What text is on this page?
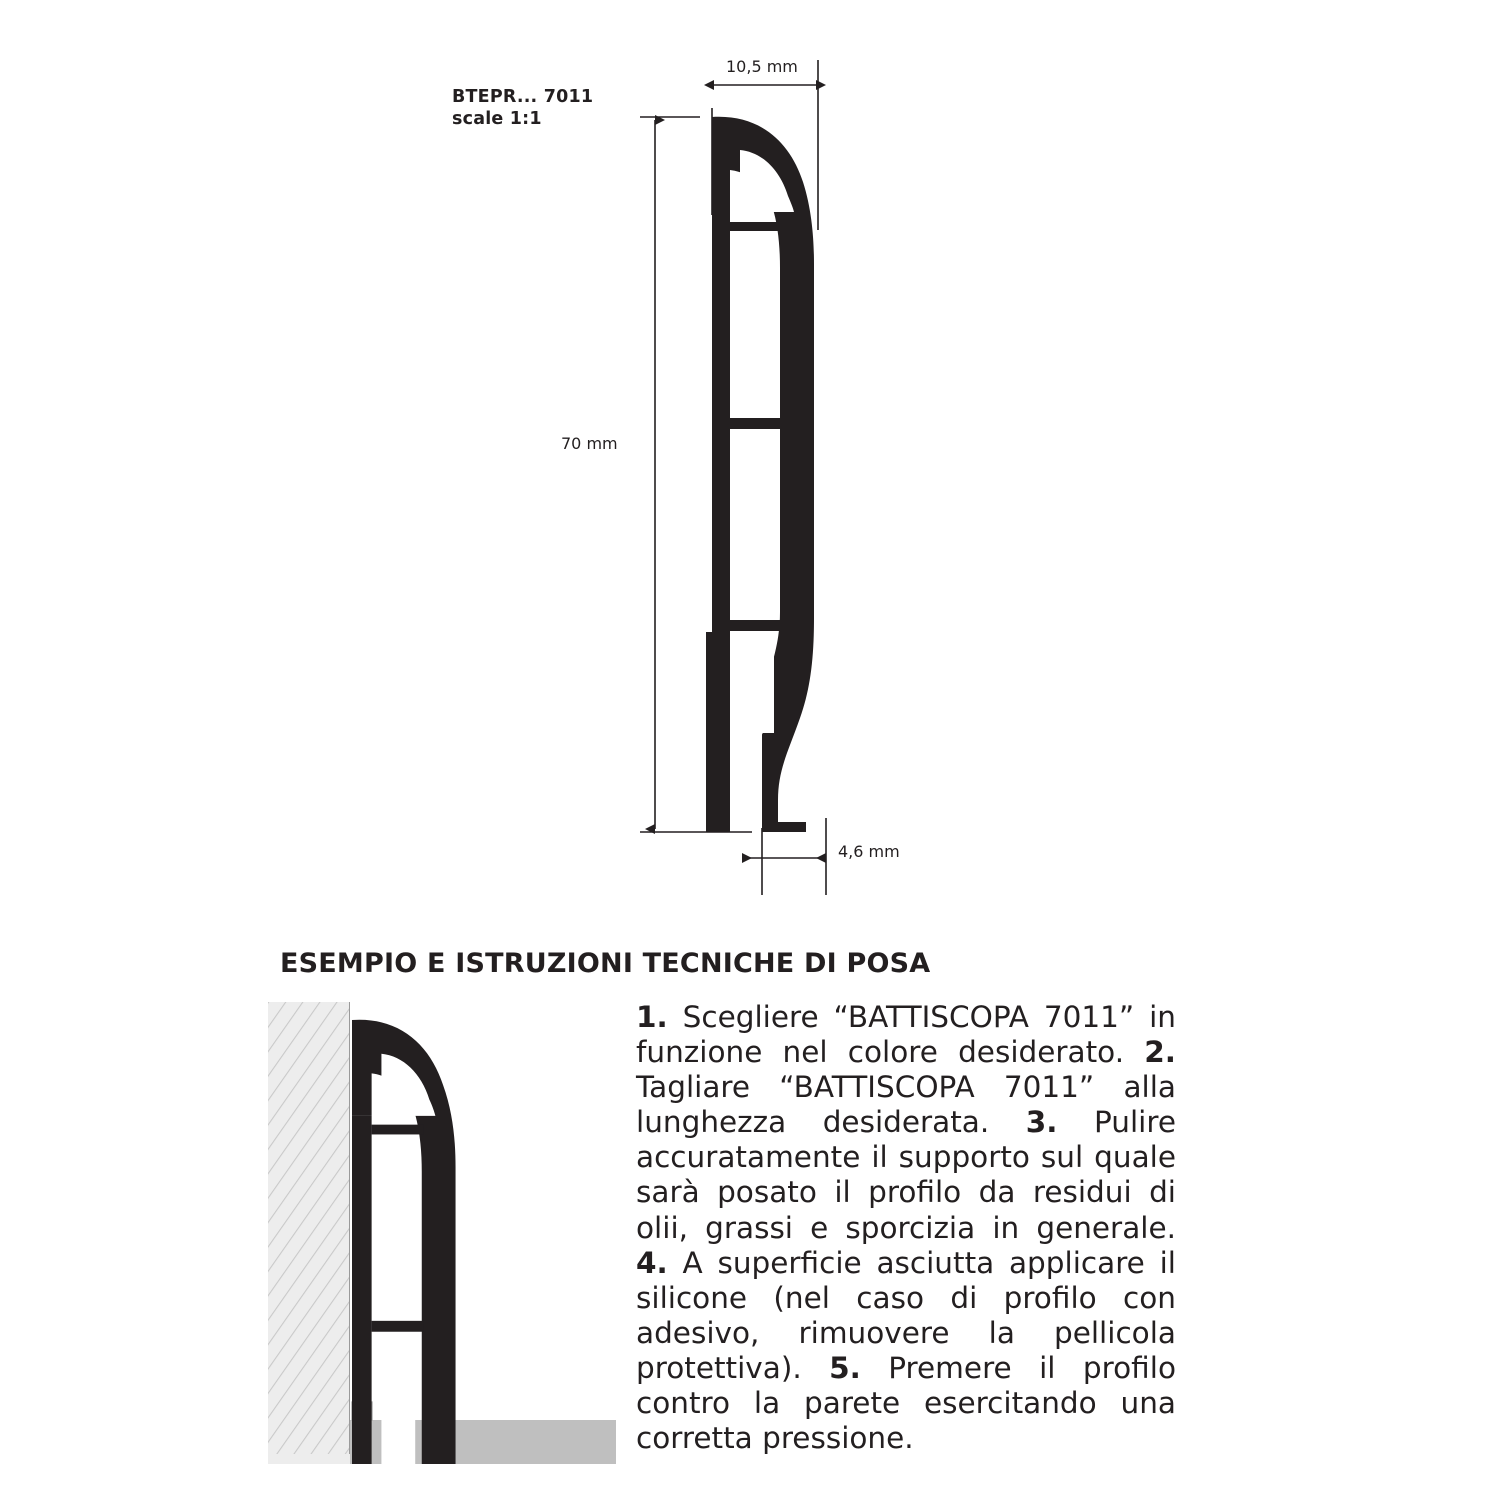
BTEPR... 7011
scale 1:1
10,5 mm
70 mm
4,6 mm
ESEMPIO E ISTRUZIONI TECNICHE DI POSA
1. Scegliere “BATTISCOPA 7011” in funzione nel colore desiderato. 2. Tagliare “BATTISCOPA 7011” alla lunghezza desiderata. 3. Pulire accuratamente il supporto sul quale sarà posato il profilo da residui di olii, grassi e sporcizia in generale. 4. A superficie asciutta applicare il silicone (nel caso di profilo con adesivo, rimuovere la pellicola protettiva). 5. Premere il profilo contro la parete esercitando una corretta pressione.
